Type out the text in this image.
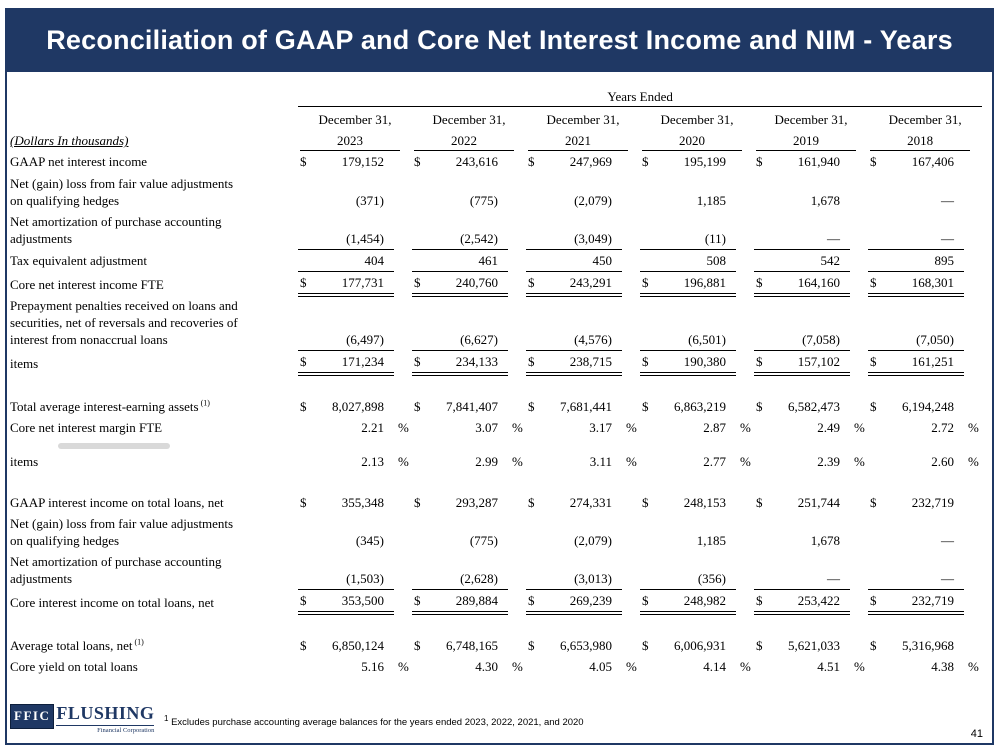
Reconciliation of GAAP and Core Net Interest Income and NIM - Years
	Years Ended																	
	December 31,			December 31,			December 31,			December 31,			December 31,			December 31,		
(Dollars In thousands)	2023			2022			2021			2020			2019			2018		

GAAP net interest income	$	179,152		$	243,616		$	247,969		$	195,199		$	161,940		$	167,406	

Net (gain) loss from fair value adjustments
on qualifying hedges		(371)			(775)			(2,079)			1,185			1,678			—	

Net amortization of purchase accounting
adjustments		(1,454)			(2,542)			(3,049)			(11)			—			—	

Tax equivalent adjustment		404			461			450			508			542			895	

Core net interest income FTE	$	177,731		$	240,760		$	243,291		$	196,881		$	164,160		$	168,301	

Prepayment penalties received on loans and
securities, net of reversals and recoveries of
interest from nonaccrual loans		(6,497)			(6,627)			(4,576)			(6,501)			(7,058)			(7,050)	

items	$	171,234		$	234,133		$	238,715		$	190,380		$	157,102		$	161,251	

Total average interest-earning assets $^{(1)}$	$	8,027,898		$	7,841,407		$	7,681,441		$	6,863,219		$	6,582,473		$	6,194,248	

Core net interest margin FTE		2.21	%		3.07	%		3.17	%		2.87	%		2.49	%		2.72	%

items		2.13	%		2.99	%		3.11	%		2.77	%		2.39	%		2.60	%

GAAP interest income on total loans, net	$	355,348		$	293,287		$	274,331		$	248,153		$	251,744		$	232,719	

Net (gain) loss from fair value adjustments
on qualifying hedges		(345)			(775)			(2,079)			1,185			1,678			—	

Net amortization of purchase accounting
adjustments		(1,503)			(2,628)			(3,013)			(356)			—			—	

Core interest income on total loans, net	$	353,500		$	289,884		$	269,239		$	248,982		$	253,422		$	232,719	

Average total loans, net $^{(1)}$	$	6,850,124		$	6,748,165		$	6,653,980		$	6,006,931		$	5,621,033		$	5,316,968	

Core yield on total loans		5.16	%		4.30	%		4.05	%		4.14	%		4.51	%		4.38	%
FFIC FLUSHING
Financial Corporation
$^1$ Excludes purchase accounting average balances for the years ended 2023, 2022, 2021, and 2020
41
